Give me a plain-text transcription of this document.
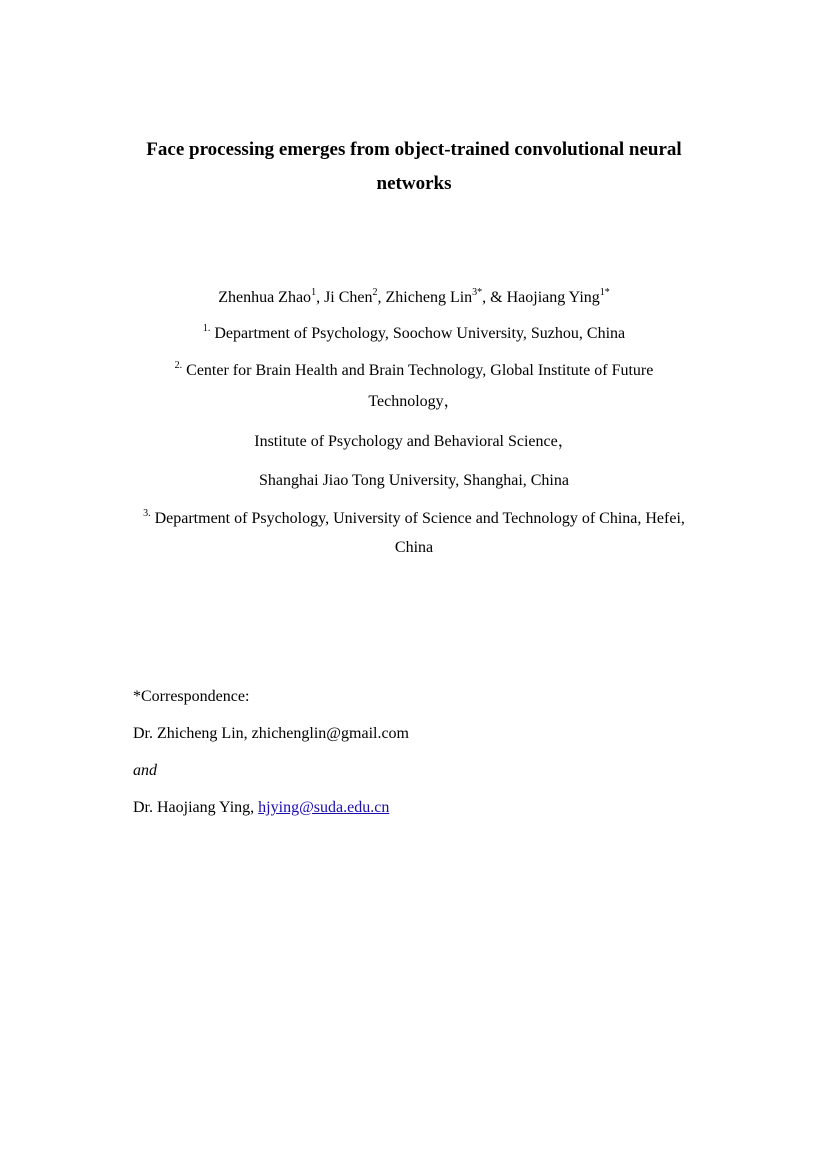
Face processing emerges from object-trained convolutional neural
networks
Zhenhua Zhao$^1$, Ji Chen$^2$, Zhicheng Lin$^{3*}$, & Haojiang Ying$^{1*}$
$^{1.}$ Department of Psychology, Soochow University, Suzhou, China
$^{2.}$ Center for Brain Health and Brain Technology, Global Institute of Future
Technology，
Institute of Psychology and Behavioral Science，
Shanghai Jiao Tong University, Shanghai, China
$^{3.}$ Department of Psychology, University of Science and Technology of China, Hefei,
China
*Correspondence:
Dr. Zhicheng Lin, zhichenglin@gmail.com
and
Dr. Haojiang Ying, hjying@suda.edu.cn
